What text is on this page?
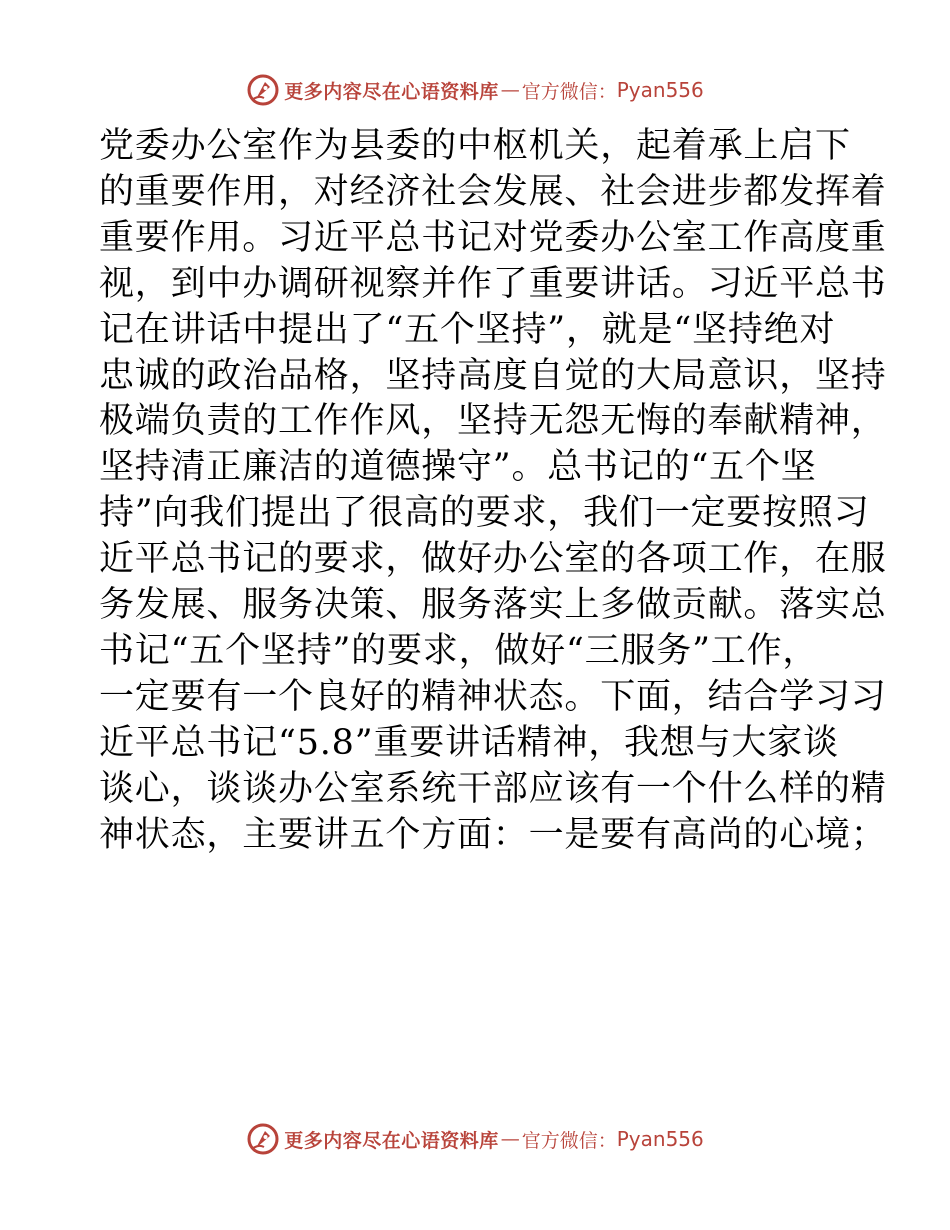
更多内容尽在心语资料库 — 官方微信： Pyan556
党委办公室作为县委的中枢机关，起着承上启下
的重要作用，对经济社会发展、社会进步都发挥着
重要作用。习近平总书记对党委办公室工作高度重
视，到中办调研视察并作了重要讲话。习近平总书
记在讲话中提出了“五个坚持”，就是“坚持绝对
忠诚的政治品格，坚持高度自觉的大局意识，坚持
极端负责的工作作风，坚持无怨无悔的奉献精神，
坚持清正廉洁的道德操守”。总书记的“五个坚
持”向我们提出了很高的要求，我们一定要按照习
近平总书记的要求，做好办公室的各项工作，在服
务发展、服务决策、服务落实上多做贡献。落实总
书记“五个坚持”的要求，做好“三服务”工作，
一定要有一个良好的精神状态。下面，结合学习习
近平总书记“5.8”重要讲话精神，我想与大家谈
谈心，谈谈办公室系统干部应该有一个什么样的精
神状态，主要讲五个方面：一是要有高尚的心境；
更多内容尽在心语资料库 — 官方微信： Pyan556
